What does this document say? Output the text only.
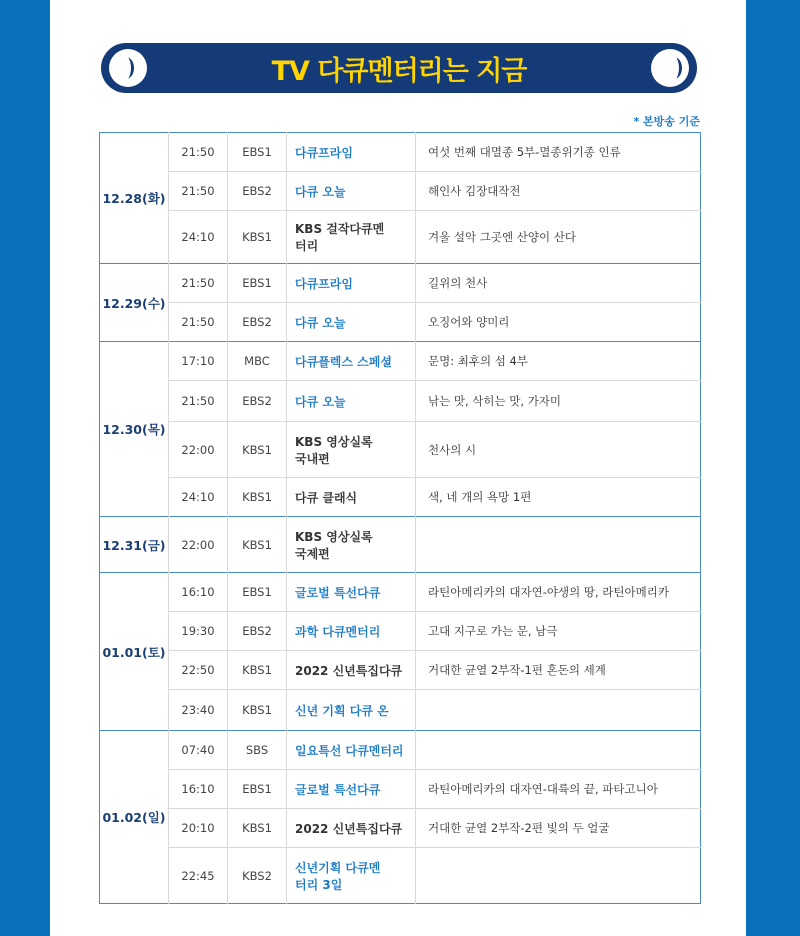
TV 다큐멘터리는 지금
* 본방송 기준
12.28(화)	21:50	EBS1	다큐프라임	여섯 번째 대멸종 5부-멸종위기종 인류
	21:50	EBS2	다큐 오늘	해인사 김장대작전
	24:10	KBS1	KBS 걸작다큐멘터리	겨울 설악 그곳엔 산양이 산다
12.29(수)	21:50	EBS1	다큐프라임	길위의 천사
	21:50	EBS2	다큐 오늘	오징어와 양미리
12.30(목)	17:10	MBC	다큐플렉스 스페셜	문명: 최후의 섬 4부
	21:50	EBS2	다큐 오늘	낚는 맛, 삭히는 맛, 가자미
	22:00	KBS1	KBS 영상실록 국내편	천사의 시
	24:10	KBS1	다큐 클래식	색, 네 개의 욕망 1편
12.31(금)	22:00	KBS1	KBS 영상실록 국제편	
01.01(토)	16:10	EBS1	글로벌 특선다큐	라틴아메리카의 대자연-야생의 땅, 라틴아메리카
	19:30	EBS2	과학 다큐멘터리	고대 지구로 가는 문, 남극
	22:50	KBS1	2022 신년특집다큐	거대한 균열 2부작-1편 혼돈의 세계
	23:40	KBS1	신년 기획 다큐 온	
01.02(일)	07:40	SBS	일요특선 다큐멘터리	
	16:10	EBS1	글로벌 특선다큐	라틴아메리카의 대자연-대륙의 끝, 파타고니아
	20:10	KBS1	2022 신년특집다큐	거대한 균열 2부작-2편 빛의 두 얼굴
	22:45	KBS2	신년기획 다큐멘터리 3일	
